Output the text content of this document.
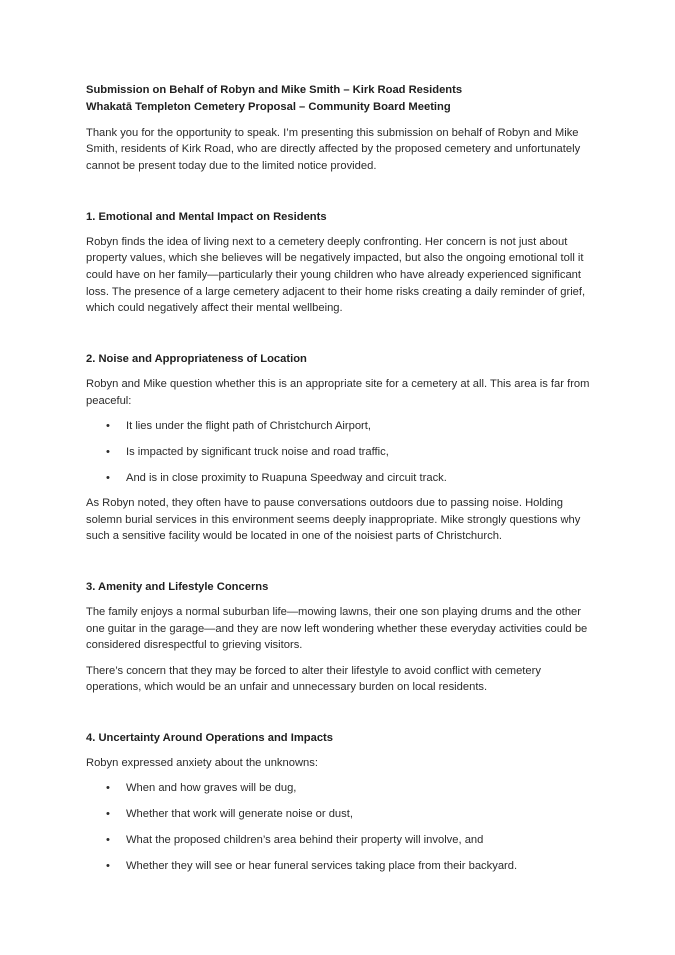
Submission on Behalf of Robyn and Mike Smith – Kirk Road Residents

Whakatā Templeton Cemetery Proposal – Community Board Meeting

Thank you for the opportunity to speak. I’m presenting this submission on behalf of Robyn and Mike Smith, residents of Kirk Road, who are directly affected by the proposed cemetery and unfortunately cannot be present today due to the limited notice provided.

1. Emotional and Mental Impact on Residents

Robyn finds the idea of living next to a cemetery deeply confronting. Her concern is not just about property values, which she believes will be negatively impacted, but also the ongoing emotional toll it could have on her family—particularly their young children who have already experienced significant loss. The presence of a large cemetery adjacent to their home risks creating a daily reminder of grief, which could negatively affect their mental wellbeing.

2. Noise and Appropriateness of Location

Robyn and Mike question whether this is an appropriate site for a cemetery at all. This area is far from peaceful:

• It lies under the flight path of Christchurch Airport,
• Is impacted by significant truck noise and road traffic,
• And is in close proximity to Ruapuna Speedway and circuit track.

As Robyn noted, they often have to pause conversations outdoors due to passing noise. Holding solemn burial services in this environment seems deeply inappropriate. Mike strongly questions why such a sensitive facility would be located in one of the noisiest parts of Christchurch.

3. Amenity and Lifestyle Concerns

The family enjoys a normal suburban life—mowing lawns, their one son playing drums and the other one guitar in the garage—and they are now left wondering whether these everyday activities could be considered disrespectful to grieving visitors.

There’s concern that they may be forced to alter their lifestyle to avoid conflict with cemetery operations, which would be an unfair and unnecessary burden on local residents.

4. Uncertainty Around Operations and Impacts

Robyn expressed anxiety about the unknowns:

• When and how graves will be dug,
• Whether that work will generate noise or dust,
• What the proposed children’s area behind their property will involve, and
• Whether they will see or hear funeral services taking place from their backyard.
